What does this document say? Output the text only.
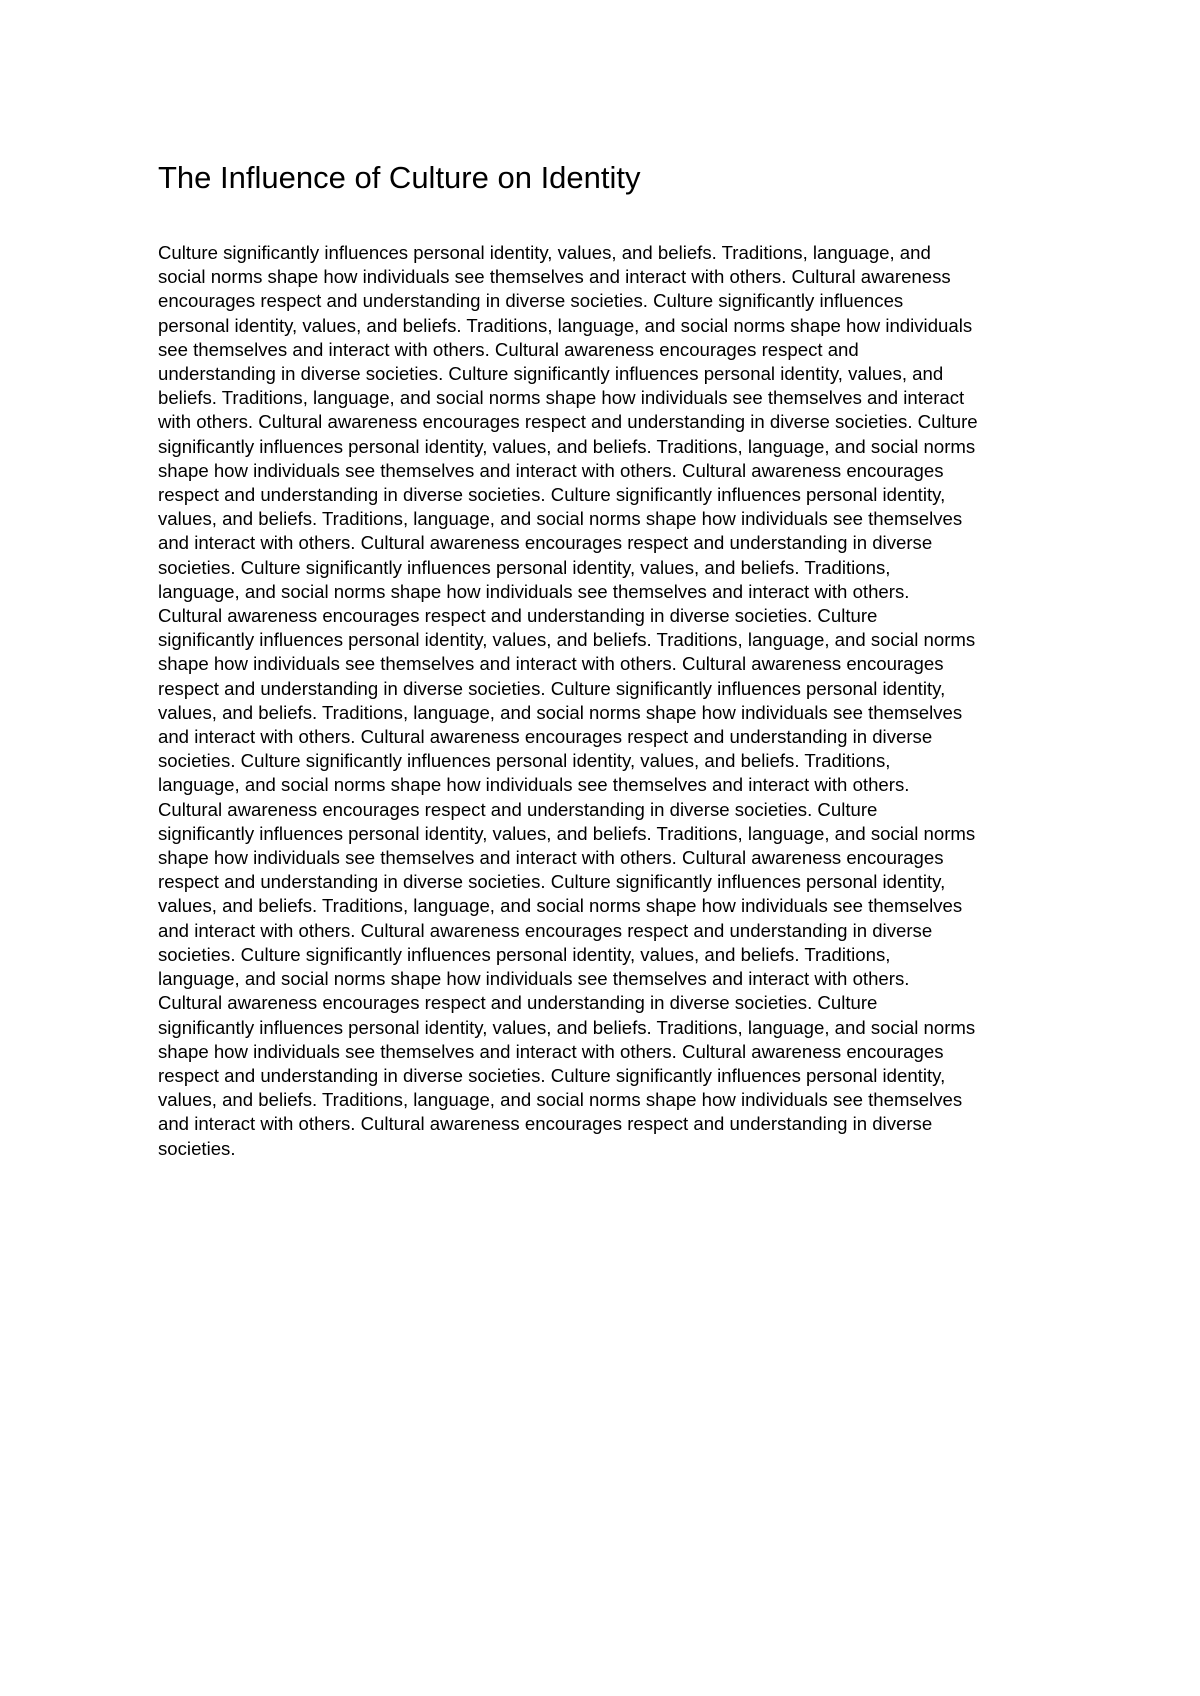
The Influence of Culture on Identity
Culture significantly influences personal identity, values, and beliefs. Traditions, language, and
social norms shape how individuals see themselves and interact with others. Cultural awareness
encourages respect and understanding in diverse societies. Culture significantly influences
personal identity, values, and beliefs. Traditions, language, and social norms shape how individuals
see themselves and interact with others. Cultural awareness encourages respect and
understanding in diverse societies. Culture significantly influences personal identity, values, and
beliefs. Traditions, language, and social norms shape how individuals see themselves and interact
with others. Cultural awareness encourages respect and understanding in diverse societies. Culture
significantly influences personal identity, values, and beliefs. Traditions, language, and social norms
shape how individuals see themselves and interact with others. Cultural awareness encourages
respect and understanding in diverse societies. Culture significantly influences personal identity,
values, and beliefs. Traditions, language, and social norms shape how individuals see themselves
and interact with others. Cultural awareness encourages respect and understanding in diverse
societies. Culture significantly influences personal identity, values, and beliefs. Traditions,
language, and social norms shape how individuals see themselves and interact with others.
Cultural awareness encourages respect and understanding in diverse societies. Culture
significantly influences personal identity, values, and beliefs. Traditions, language, and social norms
shape how individuals see themselves and interact with others. Cultural awareness encourages
respect and understanding in diverse societies. Culture significantly influences personal identity,
values, and beliefs. Traditions, language, and social norms shape how individuals see themselves
and interact with others. Cultural awareness encourages respect and understanding in diverse
societies. Culture significantly influences personal identity, values, and beliefs. Traditions,
language, and social norms shape how individuals see themselves and interact with others.
Cultural awareness encourages respect and understanding in diverse societies. Culture
significantly influences personal identity, values, and beliefs. Traditions, language, and social norms
shape how individuals see themselves and interact with others. Cultural awareness encourages
respect and understanding in diverse societies. Culture significantly influences personal identity,
values, and beliefs. Traditions, language, and social norms shape how individuals see themselves
and interact with others. Cultural awareness encourages respect and understanding in diverse
societies. Culture significantly influences personal identity, values, and beliefs. Traditions,
language, and social norms shape how individuals see themselves and interact with others.
Cultural awareness encourages respect and understanding in diverse societies. Culture
significantly influences personal identity, values, and beliefs. Traditions, language, and social norms
shape how individuals see themselves and interact with others. Cultural awareness encourages
respect and understanding in diverse societies. Culture significantly influences personal identity,
values, and beliefs. Traditions, language, and social norms shape how individuals see themselves
and interact with others. Cultural awareness encourages respect and understanding in diverse
societies.
